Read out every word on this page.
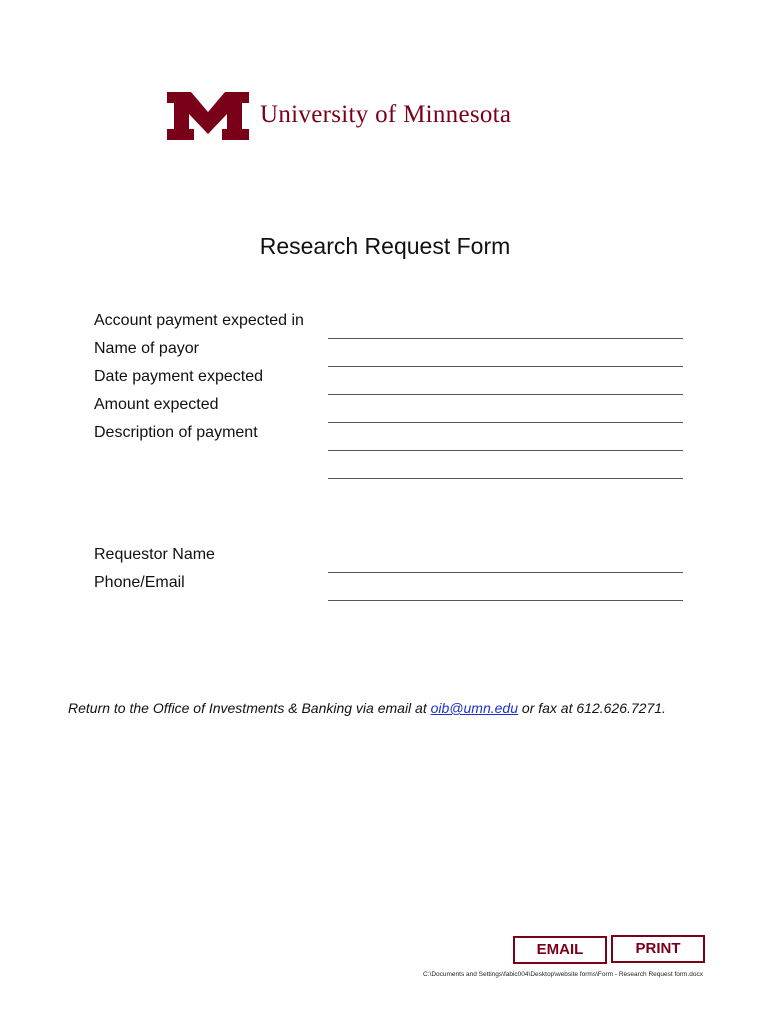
®
University of Minnesota
Research Request Form
Account payment expected in
Name of payor
Date payment expected
Amount expected
Description of payment
Requestor Name
Phone/Email
Return to the Office of Investments & Banking via email at oib@umn.edu or fax at 612.626.7271.
EMAIL	PRINT
C:\Documents and Settings\fabic004\Desktop\website forms\Form - Research Request form.docx
